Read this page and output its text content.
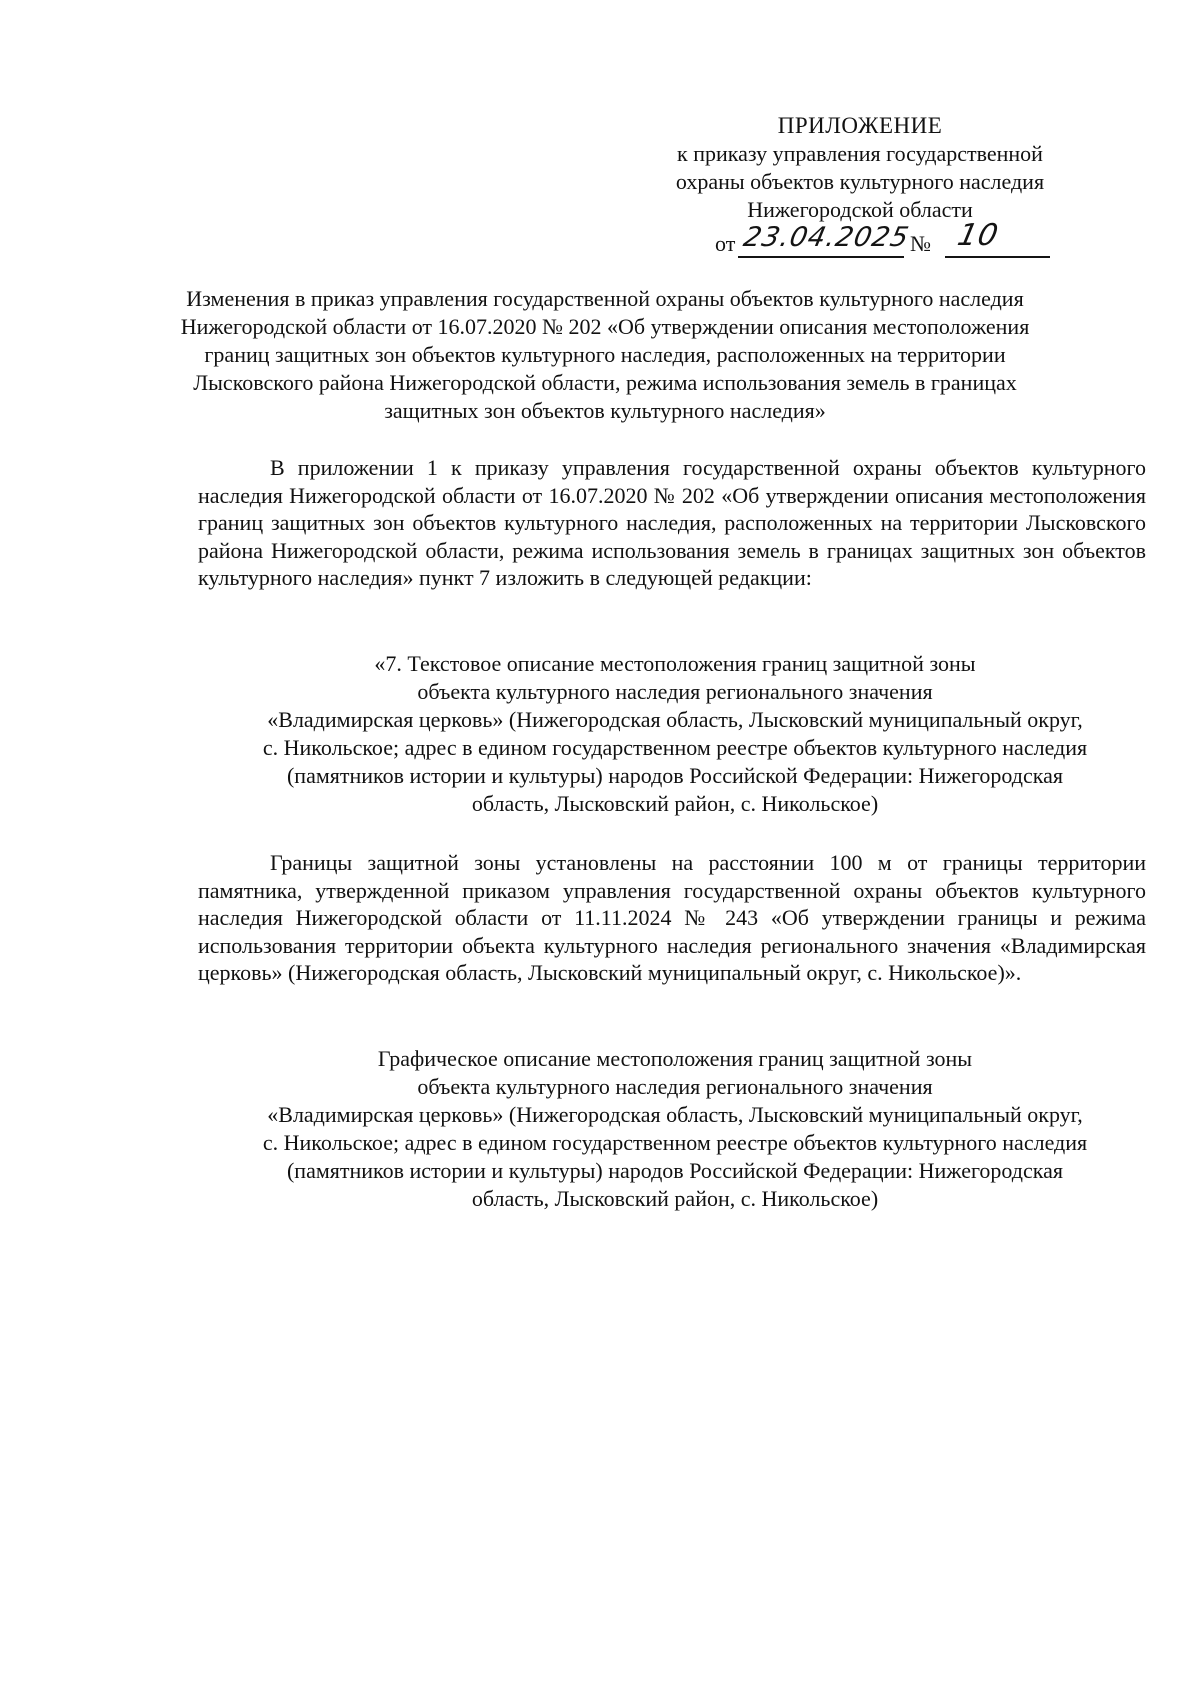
ПРИЛОЖЕНИЕ
к приказу управления государственной
охраны объектов культурного наследия
Нижегородской области
от 23.04.2025
№ 10
Изменения в приказ управления государственной охраны объектов культурного наследия
Нижегородской области от 16.07.2020 № 202 «Об утверждении описания местоположения
границ защитных зон объектов культурного наследия, расположенных на территории
Лысковского района Нижегородской области, режима использования земель в границах
защитных зон объектов культурного наследия»
В приложении 1 к приказу управления государственной охраны объектов культурного наследия Нижегородской области от 16.07.2020 № 202 «Об утверждении описания местоположения границ защитных зон объектов культурного наследия, расположенных на территории Лысковского района Нижегородской области, режима использования земель в границах защитных зон объектов культурного наследия» пункт 7 изложить в следующей редакции:
«7. Текстовое описание местоположения границ защитной зоны
объекта культурного наследия регионального значения
«Владимирская церковь» (Нижегородская область, Лысковский муниципальный округ,
с. Никольское; адрес в едином государственном реестре объектов культурного наследия
(памятников истории и культуры) народов Российской Федерации: Нижегородская
область, Лысковский район, с. Никольское)
Границы защитной зоны установлены на расстоянии 100 м от границы территории памятника, утвержденной приказом управления государственной охраны объектов культурного наследия Нижегородской области от 11.11.2024 № 243 «Об утверждении границы и режима использования территории объекта культурного наследия регионального значения «Владимирская церковь» (Нижегородская область, Лысковский муниципальный округ, с. Никольское)».
Графическое описание местоположения границ защитной зоны
объекта культурного наследия регионального значения
«Владимирская церковь» (Нижегородская область, Лысковский муниципальный округ,
с. Никольское; адрес в едином государственном реестре объектов культурного наследия
(памятников истории и культуры) народов Российской Федерации: Нижегородская
область, Лысковский район, с. Никольское)
